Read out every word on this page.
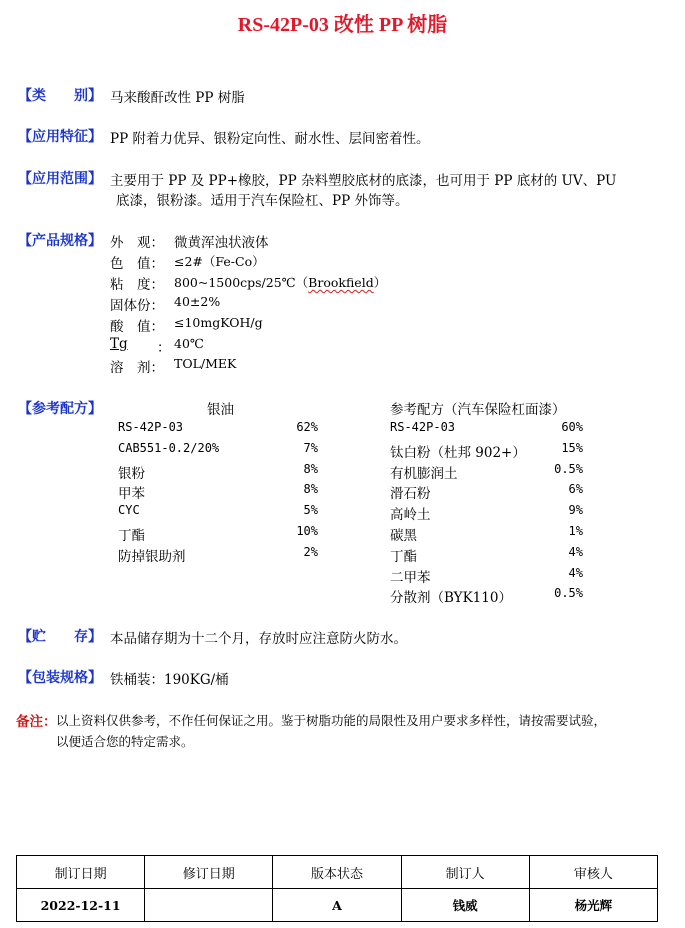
RS-42P-03 改性 PP 树脂
【类　　别】 马来酸酐改性 PP 树脂
【应用特征】 PP 附着力优异、银粉定向性、耐水性、层间密着性。
【应用范围】 主要用于 PP 及 PP+橡胶，PP 杂料塑胶底材的底漆，也可用于 PP 底材的 UV、PU
底漆，银粉漆。适用于汽车保险杠、PP 外饰等。
【产品规格】 外　观： 微黄浑浊状液体
色　值： ≤2#（Fe-Co）
粘　度： 800~1500cps/25℃（Brookfield）
固体份： 40±2%
酸　值： ≤10mgKOH/g
Tg ： 40℃
溶　剂： TOL/MEK
【参考配方】	银油	参考配方（汽车保险杠面漆）
RS-42P-03	62%
CAB551-0.2/20%	7%
银粉	8%
甲苯	8%
CYC	5%
丁酯	10%
防掉银助剂	2%
RS-42P-03	60%
钛白粉（杜邦 902+）	15%
有机膨润土	0.5%
滑石粉	6%
高岭土	9%
碳黑	1%
丁酯	4%
二甲苯	4%
分散剂（BYK110）	0.5%
【贮　　存】 本品储存期为十二个月，存放时应注意防火防水。
【包装规格】 铁桶装：190KG/桶
备注： 以上资料仅供参考，不作任何保证之用。鉴于树脂功能的局限性及用户要求多样性，请按需要试验，
以便适合您的特定需求。
制订日期	修订日期	版本状态	制订人	审核人
2022-12-11		A	钱威	杨光辉
